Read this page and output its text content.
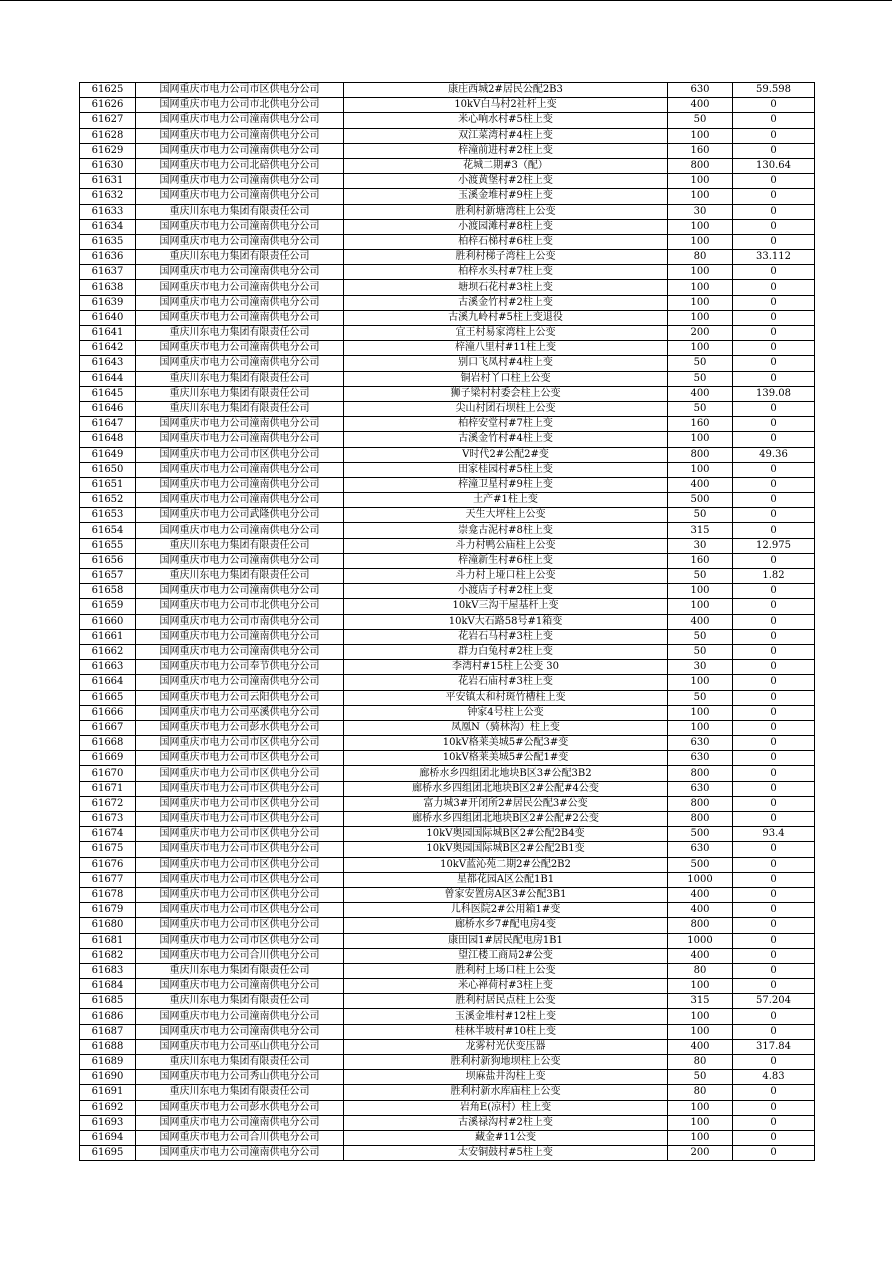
61625	国网重庆市电力公司市区供电分公司	康庄西城2#居民公配2B3	630	59.598
61626	国网重庆市电力公司市北供电分公司	10kV白马村2社杆上变	400	0
61627	国网重庆市电力公司潼南供电分公司	米心响水村#5柱上变	50	0
61628	国网重庆市电力公司潼南供电分公司	双江菜湾村#4柱上变	100	0
61629	国网重庆市电力公司潼南供电分公司	梓潼前进村#2柱上变	160	0
61630	国网重庆市电力公司北碚供电分公司	花城二期#3（配）	800	130.64
61631	国网重庆市电力公司潼南供电分公司	小渡黄堡村#2柱上变	100	0
61632	国网重庆市电力公司潼南供电分公司	玉溪金堆村#9柱上变	100	0
61633	重庆川东电力集团有限责任公司	胜利村新塘湾柱上公变	30	0
61634	国网重庆市电力公司潼南供电分公司	小渡园滩村#8柱上变	100	0
61635	国网重庆市电力公司潼南供电分公司	柏梓石梯村#6柱上变	100	0
61636	重庆川东电力集团有限责任公司	胜利村梯子湾柱上公变	80	33.112
61637	国网重庆市电力公司潼南供电分公司	柏梓水头村#7柱上变	100	0
61638	国网重庆市电力公司潼南供电分公司	塘坝石花村#3柱上变	100	0
61639	国网重庆市电力公司潼南供电分公司	古溪金竹村#2柱上变	100	0
61640	国网重庆市电力公司潼南供电分公司	古溪九岭村#5柱上变退役	100	0
61641	重庆川东电力集团有限责任公司	宜王村易家湾柱上公变	200	0
61642	国网重庆市电力公司潼南供电分公司	梓潼八里村#11柱上变	100	0
61643	国网重庆市电力公司潼南供电分公司	别口飞凤村#4柱上变	50	0
61644	重庆川东电力集团有限责任公司	铜岩村丫口柱上公变	50	0
61645	重庆川东电力集团有限责任公司	狮子梁村村委会柱上公变	400	139.08
61646	重庆川东电力集团有限责任公司	尖山村团石坝柱上公变	50	0
61647	国网重庆市电力公司潼南供电分公司	柏梓安堂村#7柱上变	160	0
61648	国网重庆市电力公司潼南供电分公司	古溪金竹村#4柱上变	100	0
61649	国网重庆市电力公司市区供电分公司	V时代2#公配2#变	800	49.36
61650	国网重庆市电力公司潼南供电分公司	田家桂园村#5柱上变	100	0
61651	国网重庆市电力公司潼南供电分公司	梓潼卫星村#9柱上变	400	0
61652	国网重庆市电力公司潼南供电分公司	土产#1柱上变	500	0
61653	国网重庆市电力公司武隆供电分公司	天生大坪柱上公变	50	0
61654	国网重庆市电力公司潼南供电分公司	崇龛古泥村#8柱上变	315	0
61655	重庆川东电力集团有限责任公司	斗力村鸭公庙柱上公变	30	12.975
61656	国网重庆市电力公司潼南供电分公司	梓潼新生村#6柱上变	160	0
61657	重庆川东电力集团有限责任公司	斗力村上垭口柱上公变	50	1.82
61658	国网重庆市电力公司潼南供电分公司	小渡店子村#2柱上变	100	0
61659	国网重庆市电力公司市北供电分公司	10kV三沟干屋基杆上变	100	0
61660	国网重庆市电力公司市南供电分公司	10kV大石路58号#1箱变	400	0
61661	国网重庆市电力公司潼南供电分公司	花岩石马村#3柱上变	50	0
61662	国网重庆市电力公司潼南供电分公司	群力白兔村#2柱上变	50	0
61663	国网重庆市电力公司奉节供电分公司	李湾村#15柱上公变 30	30	0
61664	国网重庆市电力公司潼南供电分公司	花岩石庙村#3柱上变	100	0
61665	国网重庆市电力公司云阳供电分公司	平安镇太和村斑竹槽柱上变	50	0
61666	国网重庆市电力公司巫溪供电分公司	钟家4号柱上公变	100	0
61667	国网重庆市电力公司彭水供电分公司	凤凰N（骑林沟）柱上变	100	0
61668	国网重庆市电力公司市区供电分公司	10kV格莱美城5#公配3#变	630	0
61669	国网重庆市电力公司市区供电分公司	10kV格莱美城5#公配1#变	630	0
61670	国网重庆市电力公司市区供电分公司	廊桥水乡四组团北地块B区3#公配3B2	800	0
61671	国网重庆市电力公司市区供电分公司	廊桥水乡四组团北地块B区2#公配#4公变	630	0
61672	国网重庆市电力公司市区供电分公司	富力城3#开闭所2#居民公配3#公变	800	0
61673	国网重庆市电力公司市区供电分公司	廊桥水乡四组团北地块B区2#公配#2公变	800	0
61674	国网重庆市电力公司市区供电分公司	10kV奥园国际城B区2#公配2B4变	500	93.4
61675	国网重庆市电力公司市区供电分公司	10kV奥园国际城B区2#公配2B1变	630	0
61676	国网重庆市电力公司市区供电分公司	10kV蓝沁苑二期2#公配2B2	500	0
61677	国网重庆市电力公司市区供电分公司	星都花园A区公配1B1	1000	0
61678	国网重庆市电力公司市区供电分公司	曾家安置房A区3#公配3B1	400	0
61679	国网重庆市电力公司市区供电分公司	儿科医院2#公用箱1#变	400	0
61680	国网重庆市电力公司市区供电分公司	廊桥水乡7#配电房4变	800	0
61681	国网重庆市电力公司市区供电分公司	康田园1#居民配电房1B1	1000	0
61682	国网重庆市电力公司合川供电分公司	望江楼工商局2#公变	400	0
61683	重庆川东电力集团有限责任公司	胜利村上场口柱上公变	80	0
61684	国网重庆市电力公司潼南供电分公司	米心禅荷村#3柱上变	100	0
61685	重庆川东电力集团有限责任公司	胜利村居民点柱上公变	315	57.204
61686	国网重庆市电力公司潼南供电分公司	玉溪金堆村#12柱上变	100	0
61687	国网重庆市电力公司潼南供电分公司	桂林半坡村#10柱上变	100	0
61688	国网重庆市电力公司巫山供电分公司	龙雾村光伏变压器	400	317.84
61689	重庆川东电力集团有限责任公司	胜利村新狗地坝柱上公变	80	0
61690	国网重庆市电力公司秀山供电分公司	坝麻盐井沟柱上变	50	4.83
61691	重庆川东电力集团有限责任公司	胜利村新水库庙柱上公变	80	0
61692	国网重庆市电力公司彭水供电分公司	岩角E(凉村）柱上变	100	0
61693	国网重庆市电力公司潼南供电分公司	古溪禄沟村#2柱上变	100	0
61694	国网重庆市电力公司合川供电分公司	藏金#11公变	100	0
61695	国网重庆市电力公司潼南供电分公司	太安铜鼓村#5柱上变	200	0
